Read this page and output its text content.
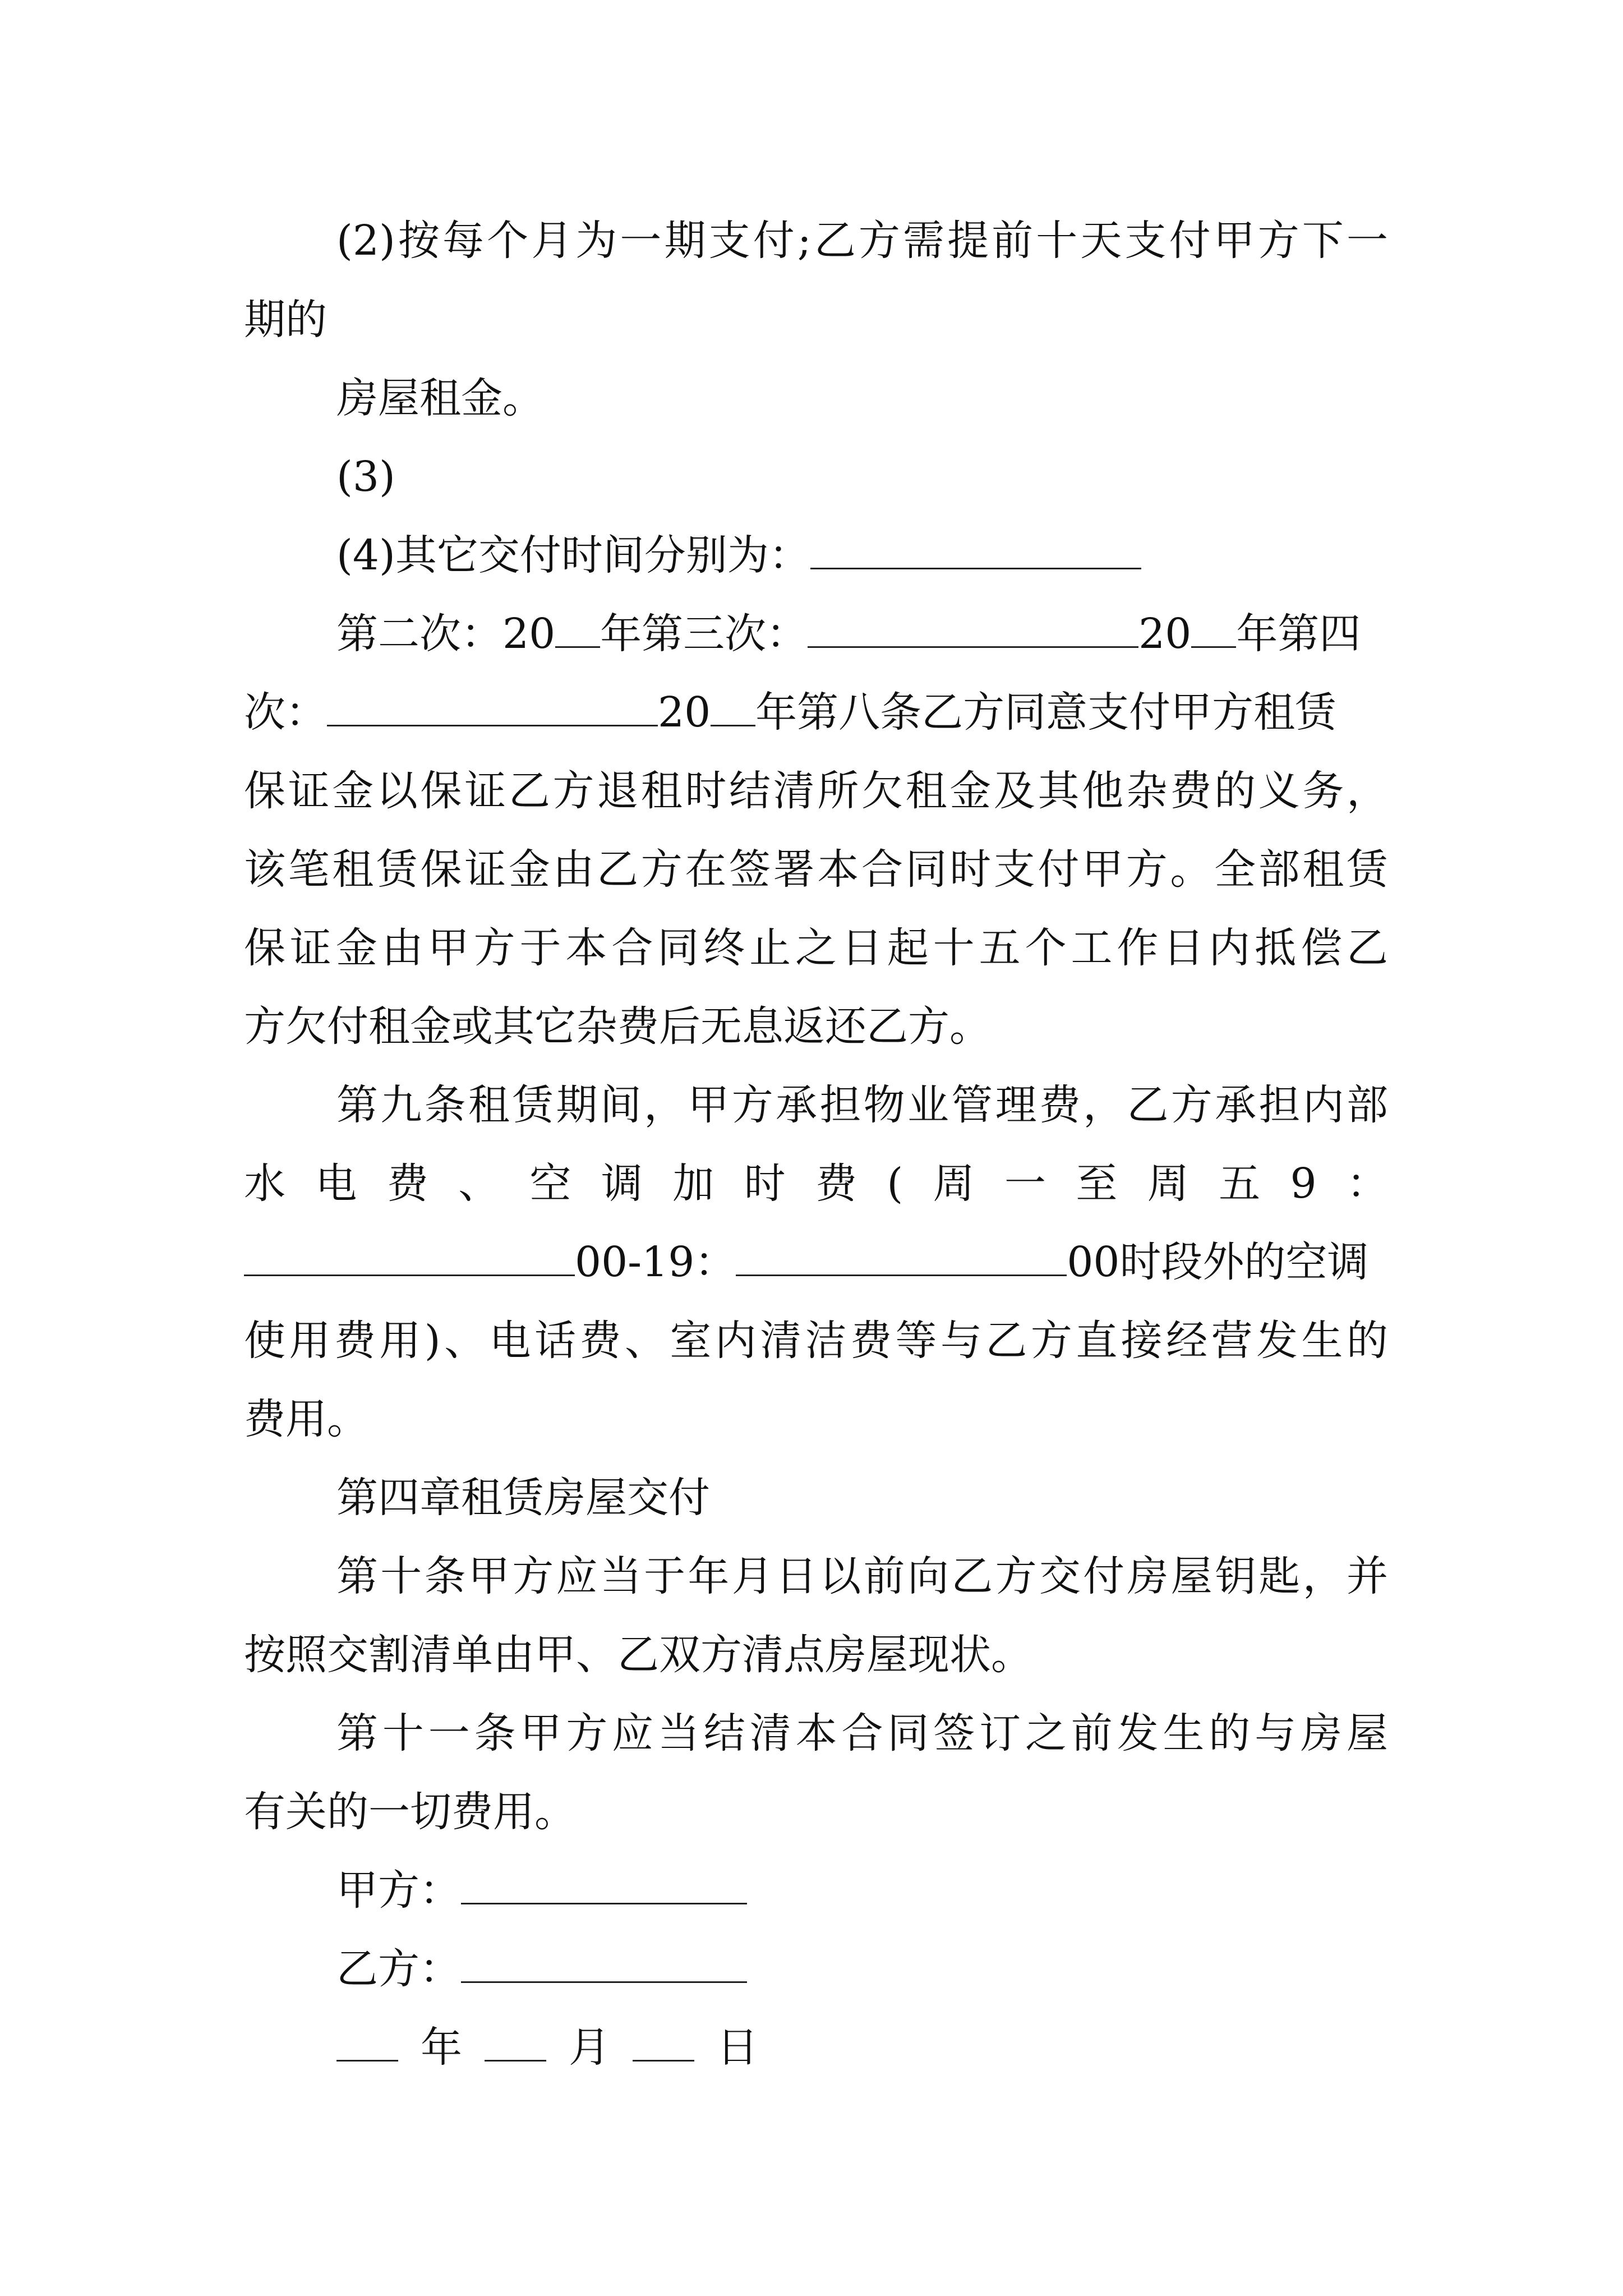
(2)按每个月为一期支付;乙方需提前十天支付甲方下一
期的
房屋租金。
(3)
(4)其它交付时间分别为：
第二次：20 年第三次：	20 年第四
次：	20 年第八条乙方同意支付甲方租赁
保证金以保证乙方退租时结清所欠租金及其他杂费的义务，
该笔租赁保证金由乙方在签署本合同时支付甲方。全部租赁
保证金由甲方于本合同终止之日起十五个工作日内抵偿乙
方欠付租金或其它杂费后无息返还乙方。
第九条租赁期间，甲方承担物业管理费，乙方承担内部
水电费、空调加时费(周一至周五9：
00-19：	00时段外的空调
使用费用)、电话费、室内清洁费等与乙方直接经营发生的
费用。
第四章租赁房屋交付
第十条甲方应当于年月日以前向乙方交付房屋钥匙，并
按照交割清单由甲、乙双方清点房屋现状。
第十一条甲方应当结清本合同签订之前发生的与房屋
有关的一切费用。
甲方：
乙方：
年	月	日
